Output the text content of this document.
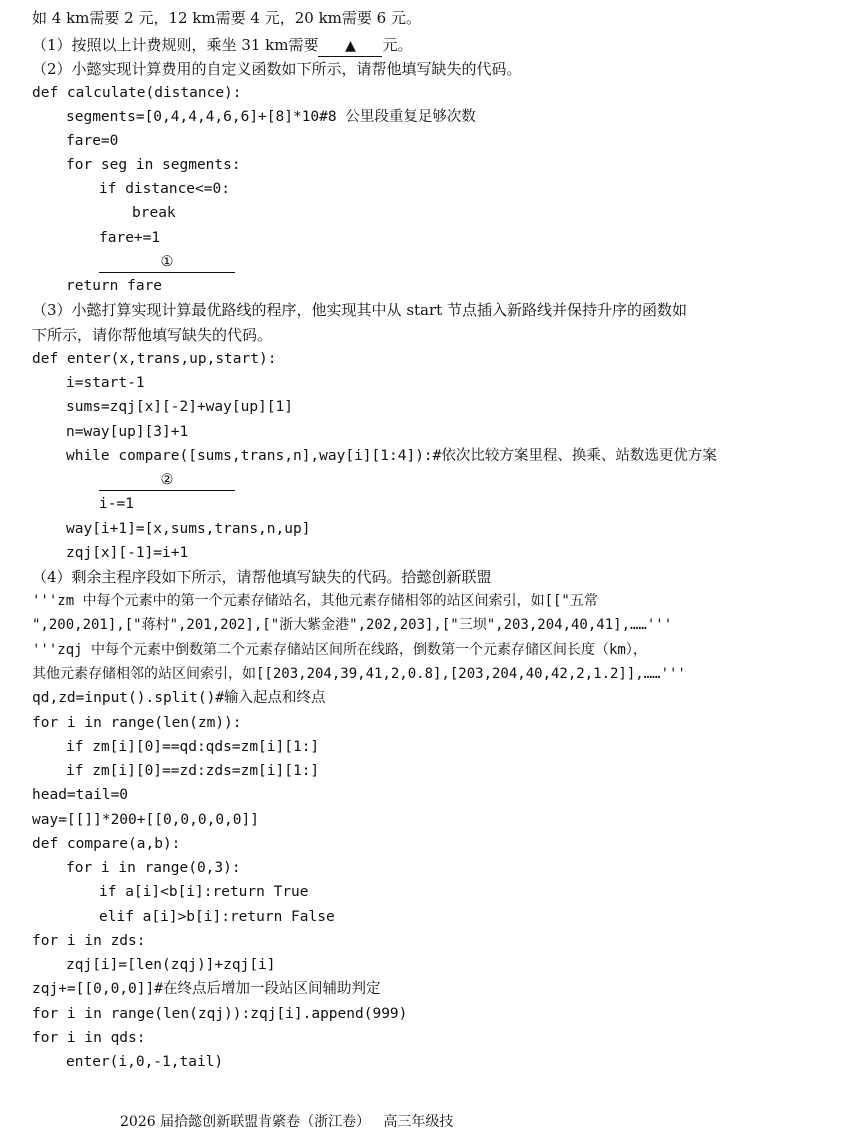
如 4 km需要 2 元，12 km需要 4 元，20 km需要 6 元。
（1）按照以上计费规则，乘坐 31 km需要 ▲ 元。
（2）小懿实现计算费用的自定义函数如下所示，请帮他填写缺失的代码。
def calculate(distance):
segments=[0,4,4,4,6,6]+[8]*10#8 公里段重复足够次数
fare=0
for seg in segments:
if distance<=0:
break
fare+=1
①
return fare
（3）小懿打算实现计算最优路线的程序，他实现其中从 start 节点插入新路线并保持升序的函数如
下所示，请你帮他填写缺失的代码。
def enter(x,trans,up,start):
i=start-1
sums=zqj[x][-2]+way[up][1]
n=way[up][3]+1
while compare([sums,trans,n],way[i][1:4]):#依次比较方案里程、换乘、站数选更优方案
②
i-=1
way[i+1]=[x,sums,trans,n,up]
zqj[x][-1]=i+1
（4）剩余主程序段如下所示，请帮他填写缺失的代码。拾懿创新联盟
'''zm 中每个元素中的第一个元素存储站名，其他元素存储相邻的站区间索引，如[["五常
",200,201],["蒋村",201,202],["浙大紫金港",202,203],["三坝",203,204,40,41],……'''
'''zqj 中每个元素中倒数第二个元素存储站区间所在线路，倒数第一个元素存储区间长度（km），
其他元素存储相邻的站区间索引，如[[203,204,39,41,2,0.8],[203,204,40,42,2,1.2]],……'''
qd,zd=input().split()#输入起点和终点
for i in range(len(zm)):
if zm[i][0]==qd:qds=zm[i][1:]
if zm[i][0]==zd:zds=zm[i][1:]
head=tail=0
way=[[]]*200+[[0,0,0,0,0]]
def compare(a,b):
for i in range(0,3):
if a[i]<b[i]:return True
elif a[i]>b[i]:return False
for i in zds:
zqj[i]=[len(zqj)]+zqj[i]
zqj+=[[0,0,0]]#在终点后增加一段站区间辅助判定
for i in range(len(zqj)):zqj[i].append(999)
for i in qds:
enter(i,0,-1,tail)
2026 届拾懿创新联盟肯綮卷（浙江卷）   高三年级技
